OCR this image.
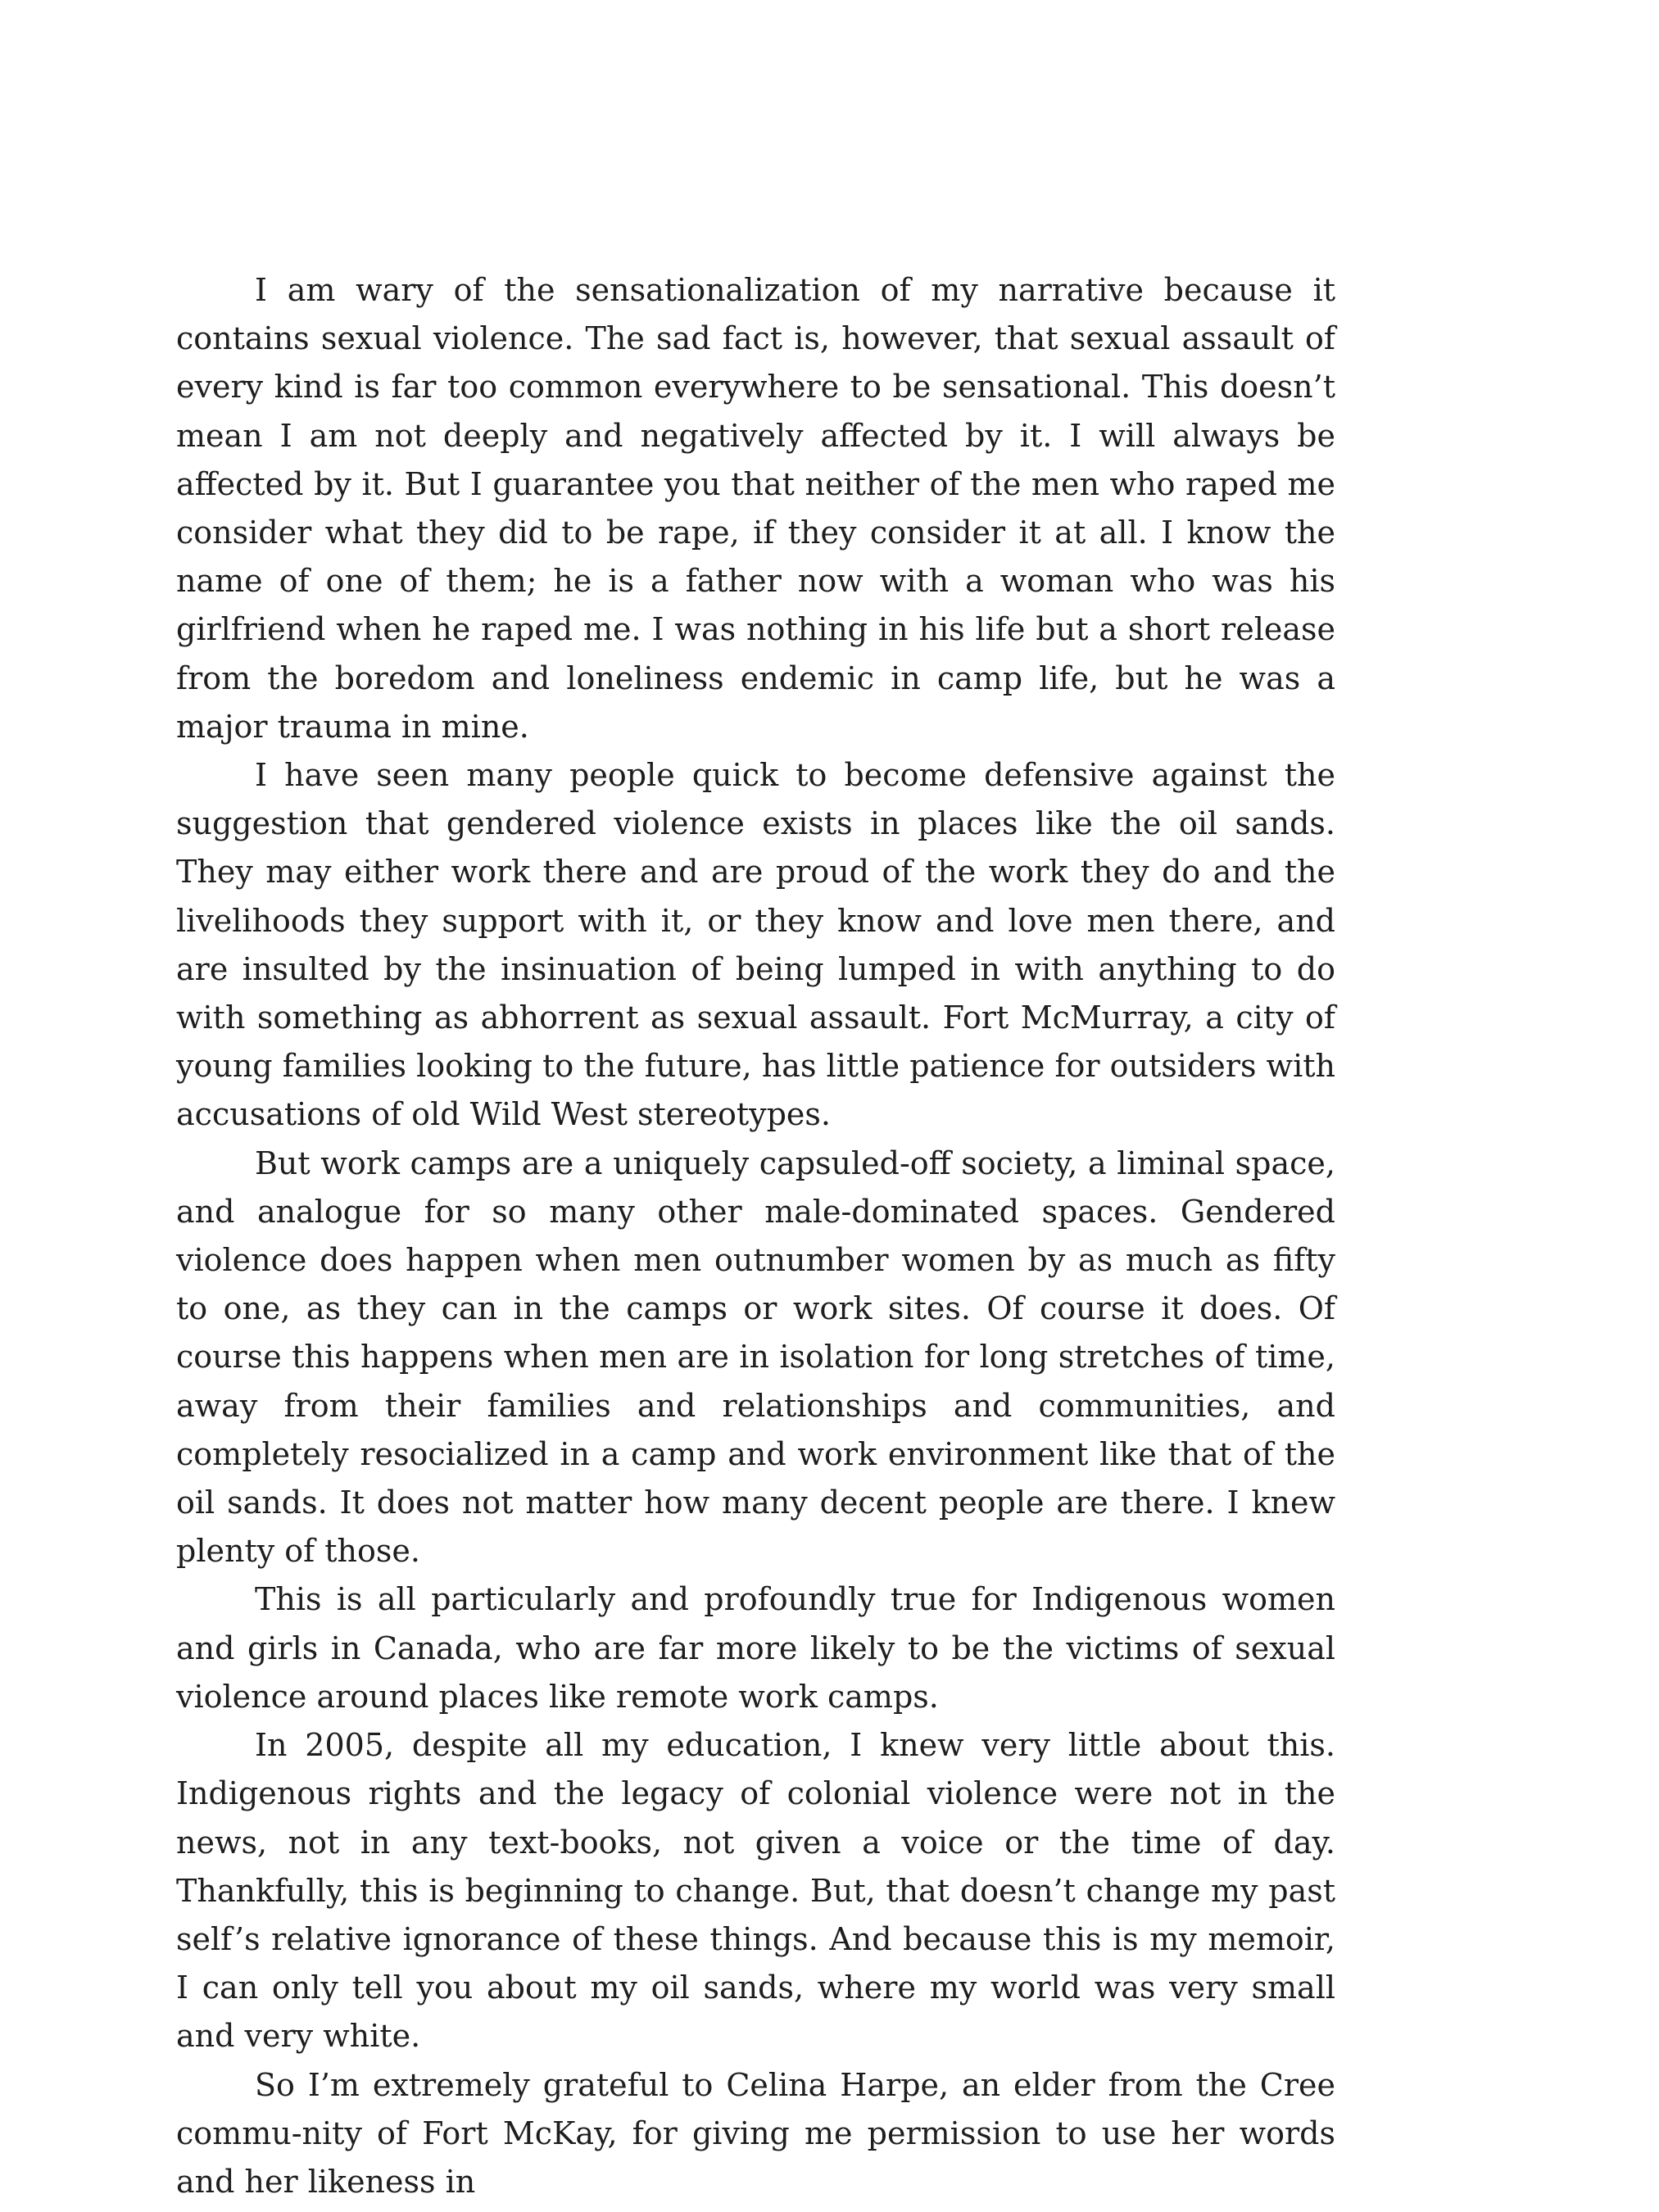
I am wary of the sensationalization of my narrative because it contains sexual violence. The sad fact is, however, that sexual assault of every kind is far too common everywhere to be sensational. This doesn’t mean I am not deeply and negatively affected by it. I will always be affected by it. But I guarantee you that neither of the men who raped me consider what they did to be rape, if they consider it at all. I know the name of one of them; he is a father now with a woman who was his girlfriend when he raped me. I was nothing in his life but a short release from the boredom and loneliness endemic in camp life, but he was a major trauma in mine.

I have seen many people quick to become defensive against the suggestion that gendered violence exists in places like the oil sands. They may either work there and are proud of the work they do and the livelihoods they support with it, or they know and love men there, and are insulted by the insinuation of being lumped in with anything to do with something as abhorrent as sexual assault. Fort McMurray, a city of young families looking to the future, has little patience for outsiders with accusations of old Wild West stereotypes.

But work camps are a uniquely capsuled-off society, a liminal space, and analogue for so many other male-dominated spaces. Gendered violence does happen when men outnumber women by as much as fifty to one, as they can in the camps or work sites. Of course it does. Of course this happens when men are in isolation for long stretches of time, away from their families and relationships and communities, and completely resocialized in a camp and work environment like that of the oil sands. It does not matter how many decent people are there. I knew plenty of those.

This is all particularly and profoundly true for Indigenous women and girls in Canada, who are far more likely to be the victims of sexual violence around places like remote work camps.

In 2005, despite all my education, I knew very little about this. Indigenous rights and the legacy of colonial violence were not in the news, not in any text-books, not given a voice or the time of day. Thankfully, this is beginning to change. But, that doesn’t change my past self’s relative ignorance of these things. And because this is my memoir, I can only tell you about my oil sands, where my world was very small and very white.

So I’m extremely grateful to Celina Harpe, an elder from the Cree commu-nity of Fort McKay, for giving me permission to use her words and her likeness in
